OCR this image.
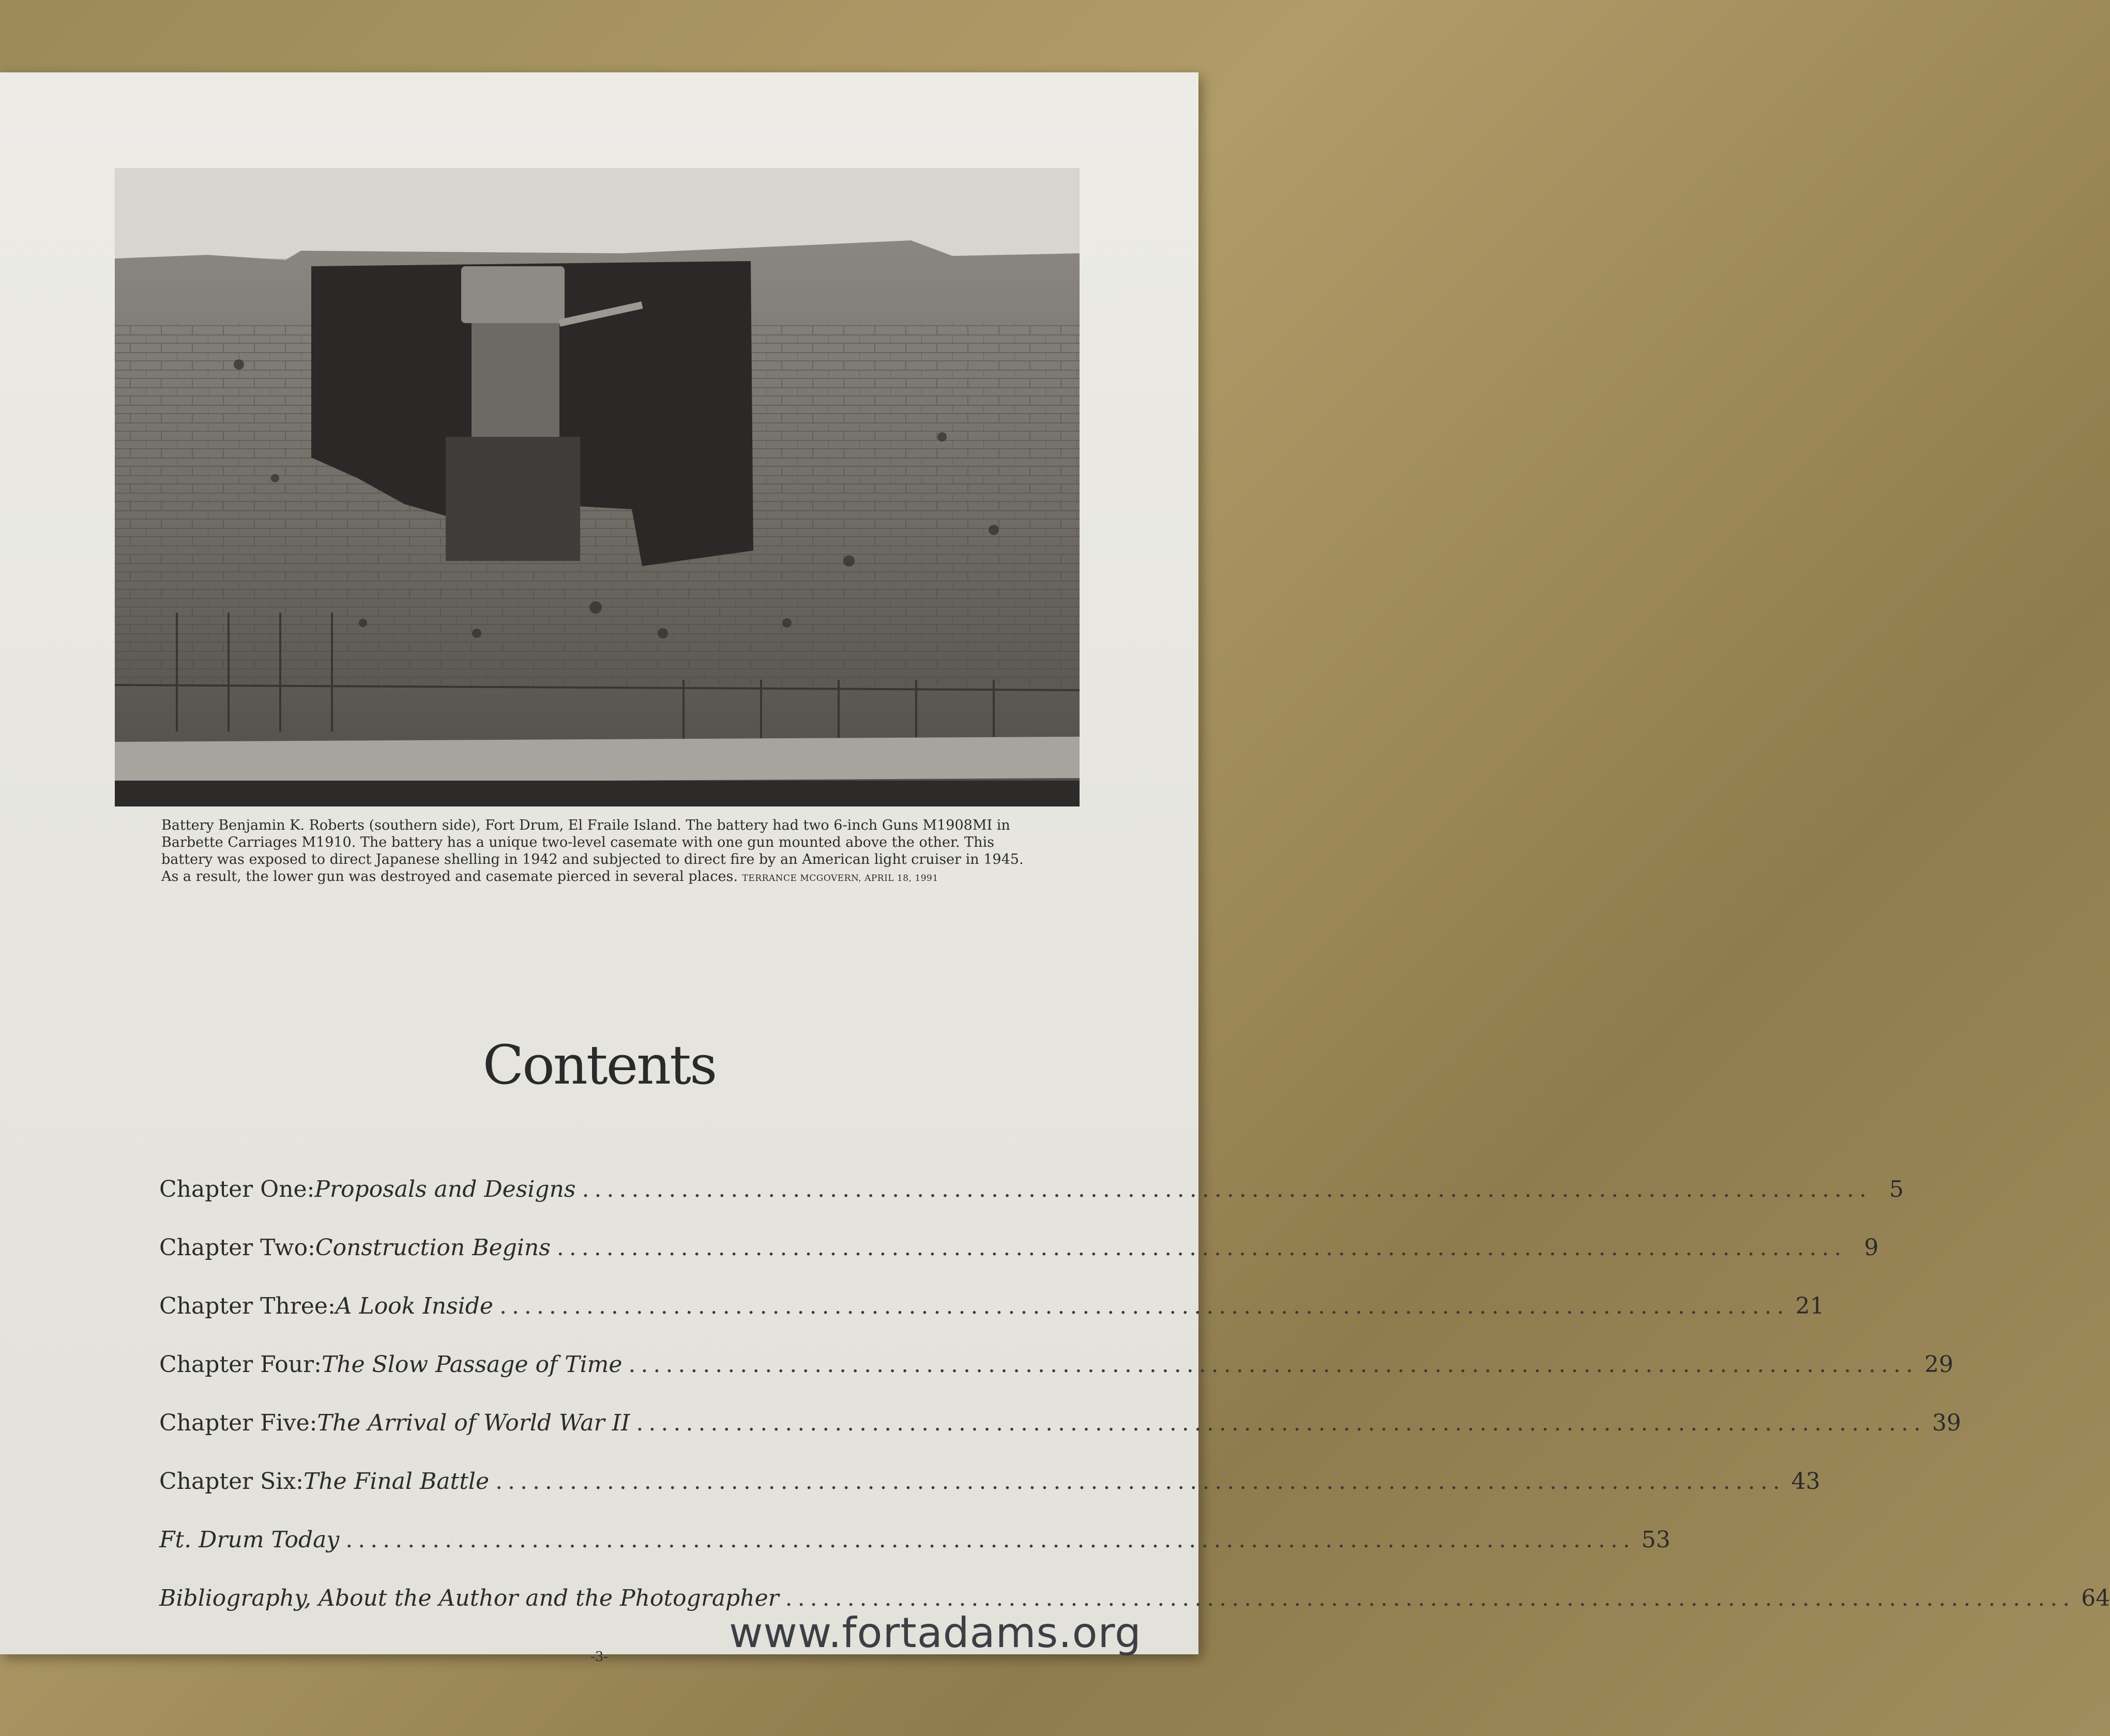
Battery Benjamin K. Roberts (southern side), Fort Drum, El Fraile Island. The battery had two 6-inch Guns M1908MI in Barbette Carriages M1910. The battery has a unique two-level casemate with one gun mounted above the other. This battery was exposed to direct Japanese shelling in 1942 and subjected to direct fire by an American light cruiser in 1945. As a result, the lower gun was destroyed and casemate pierced in several places. TERRANCE MCGOVERN, APRIL 18, 1991
Contents
Chapter One: Proposals and Designs ........................................................................................................ 5
Chapter Two: Construction Begins ........................................................................................................ 9
Chapter Three: A Look Inside ........................................................................................................ 21
Chapter Four: The Slow Passage of Time ........................................................................................................ 29
Chapter Five: The Arrival of World War II ........................................................................................................ 39
Chapter Six: The Final Battle ........................................................................................................ 43
Ft. Drum Today ........................................................................................................ 53
Bibliography, About the Author and the Photographer ........................................................................................................ 64
-3-	www.fortadams.org
